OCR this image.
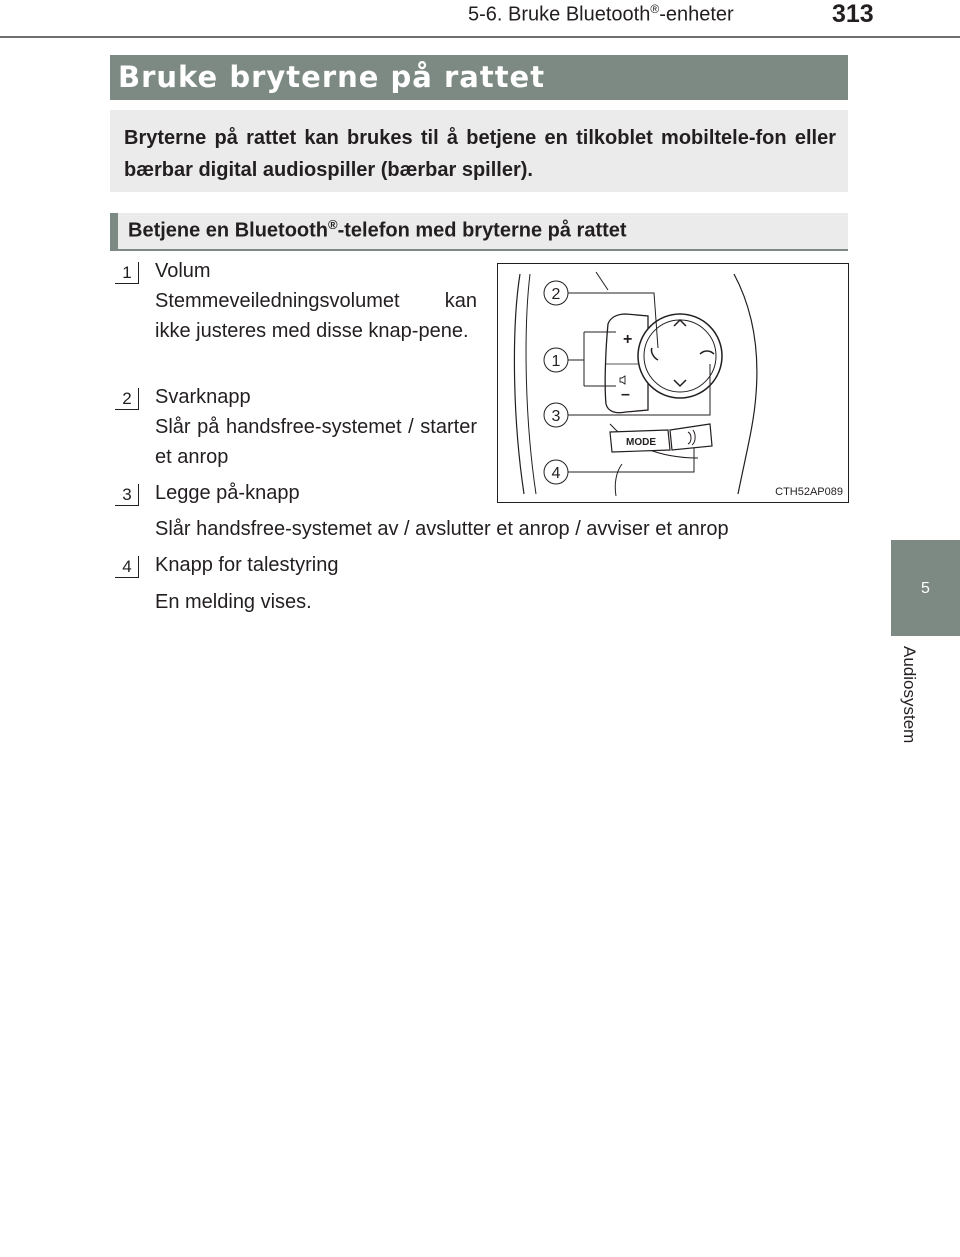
5-6. Bruke Bluetooth®-enheter	313
5
Audiosystem
Bruke bryterne på rattet

Bryterne på rattet kan brukes til å betjene en tilkoblet mobiltele-fon eller bærbar digital audiospiller (bærbar spiller).

Betjene en Bluetooth®-telefon med bryterne på rattet
1	Volum
Stemmeveiledningsvolumet kan ikke justeres med disse knap-pene.
2	Svarknapp
Slår på handsfree-systemet / starter et anrop
3	Legge på-knapp
Slår handsfree-systemet av / avslutter et anrop / avviser et anrop
4	Knapp for talestyring
En melding vises.
+
–
MODE
2
1
3
4
CTH52AP089
